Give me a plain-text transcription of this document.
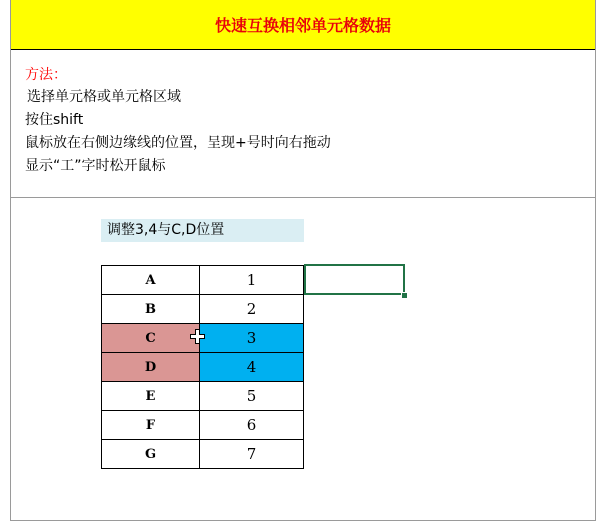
快速互换相邻单元格数据
方法：
选择单元格或单元格区域
按住shift
鼠标放在右侧边缘线的位置，呈现+号时向右拖动
显示“工”字时松开鼠标
调整3,4与C,D位置
A	1
B	2
C	3
D	4
E	5
F	6
G	7
